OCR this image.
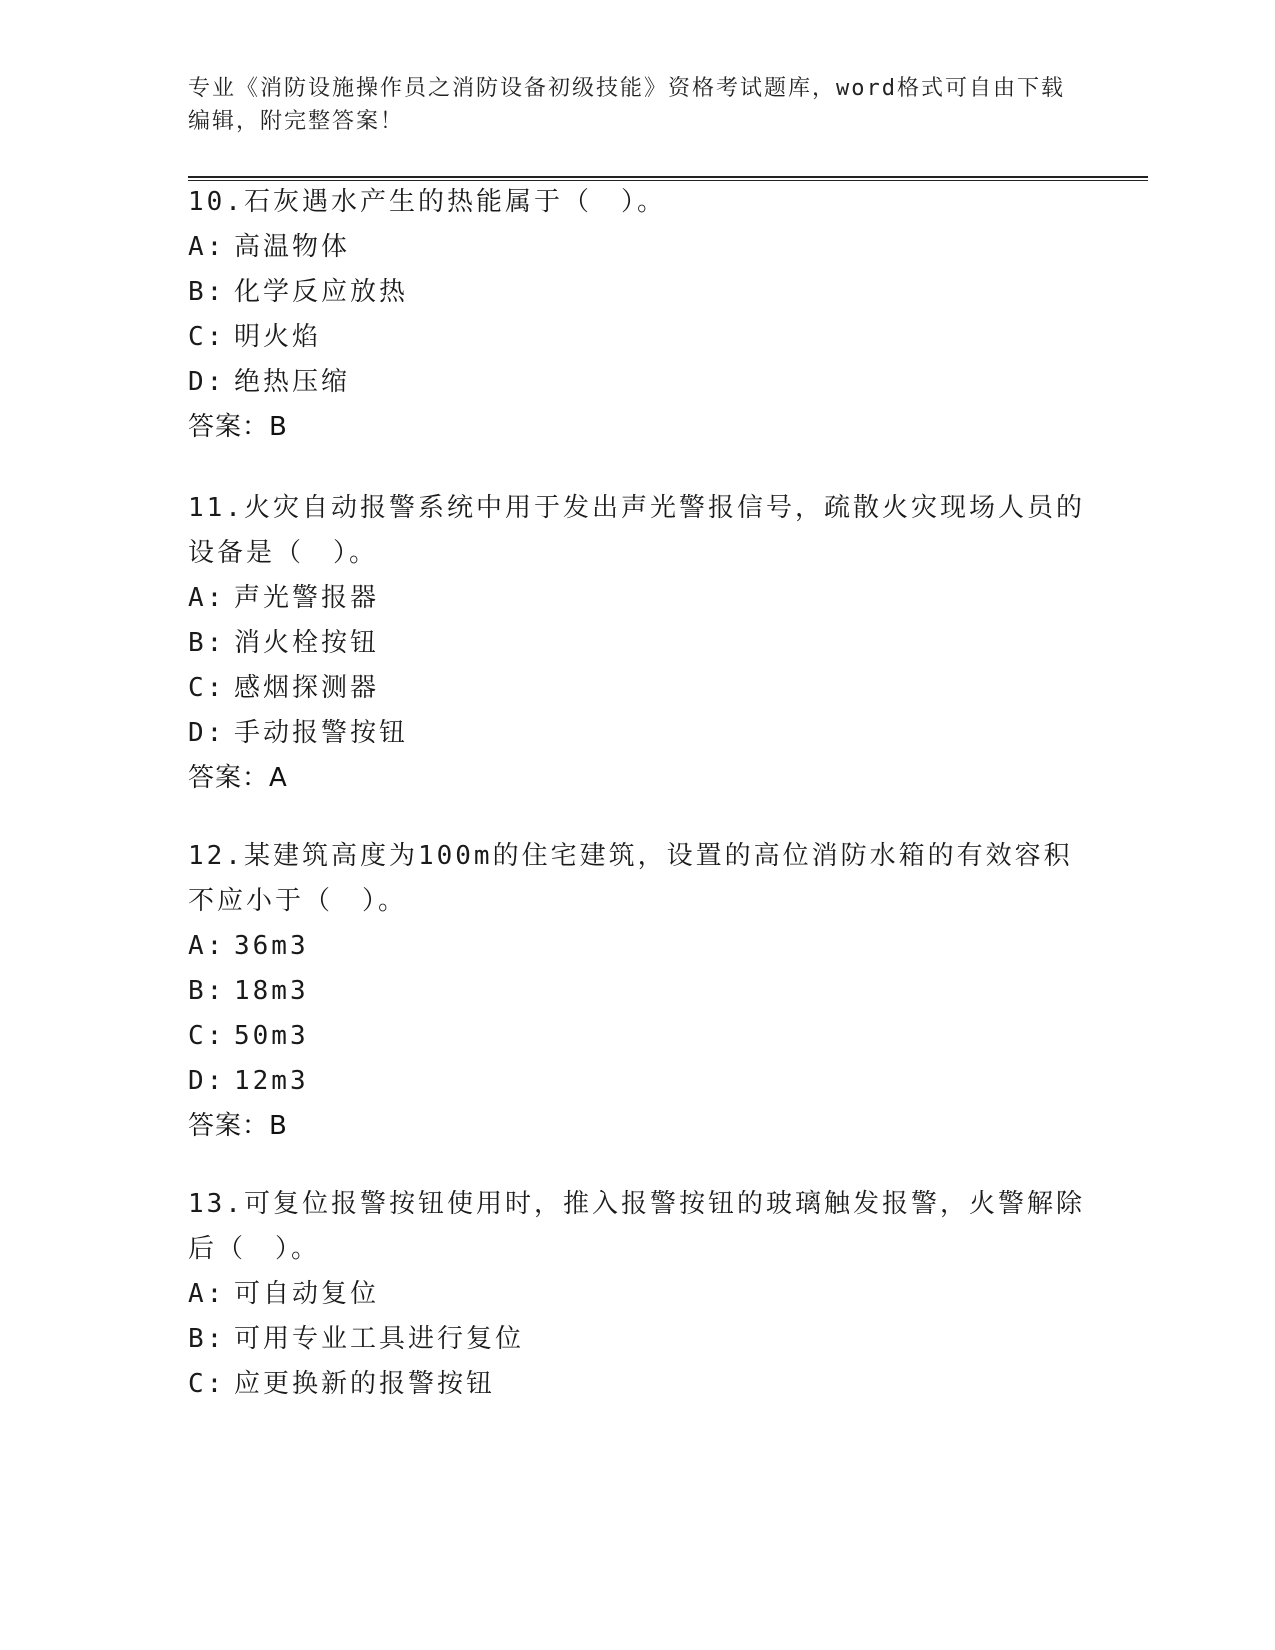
专业《消防设施操作员之消防设备初级技能》资格考试题库，word格式可自由下载编辑，附完整答案！
10.石灰遇水产生的热能属于（　）。
A: 高温物体
B: 化学反应放热
C: 明火焰
D: 绝热压缩
答案：B
11.火灾自动报警系统中用于发出声光警报信号，疏散火灾现场人员的设备是（　）。
A: 声光警报器
B: 消火栓按钮
C: 感烟探测器
D: 手动报警按钮
答案：A
12.某建筑高度为100m的住宅建筑，设置的高位消防水箱的有效容积不应小于（　）。
A: 36m3
B: 18m3
C: 50m3
D: 12m3
答案：B
13.可复位报警按钮使用时，推入报警按钮的玻璃触发报警，火警解除后（　）。
A: 可自动复位
B: 可用专业工具进行复位
C: 应更换新的报警按钮
